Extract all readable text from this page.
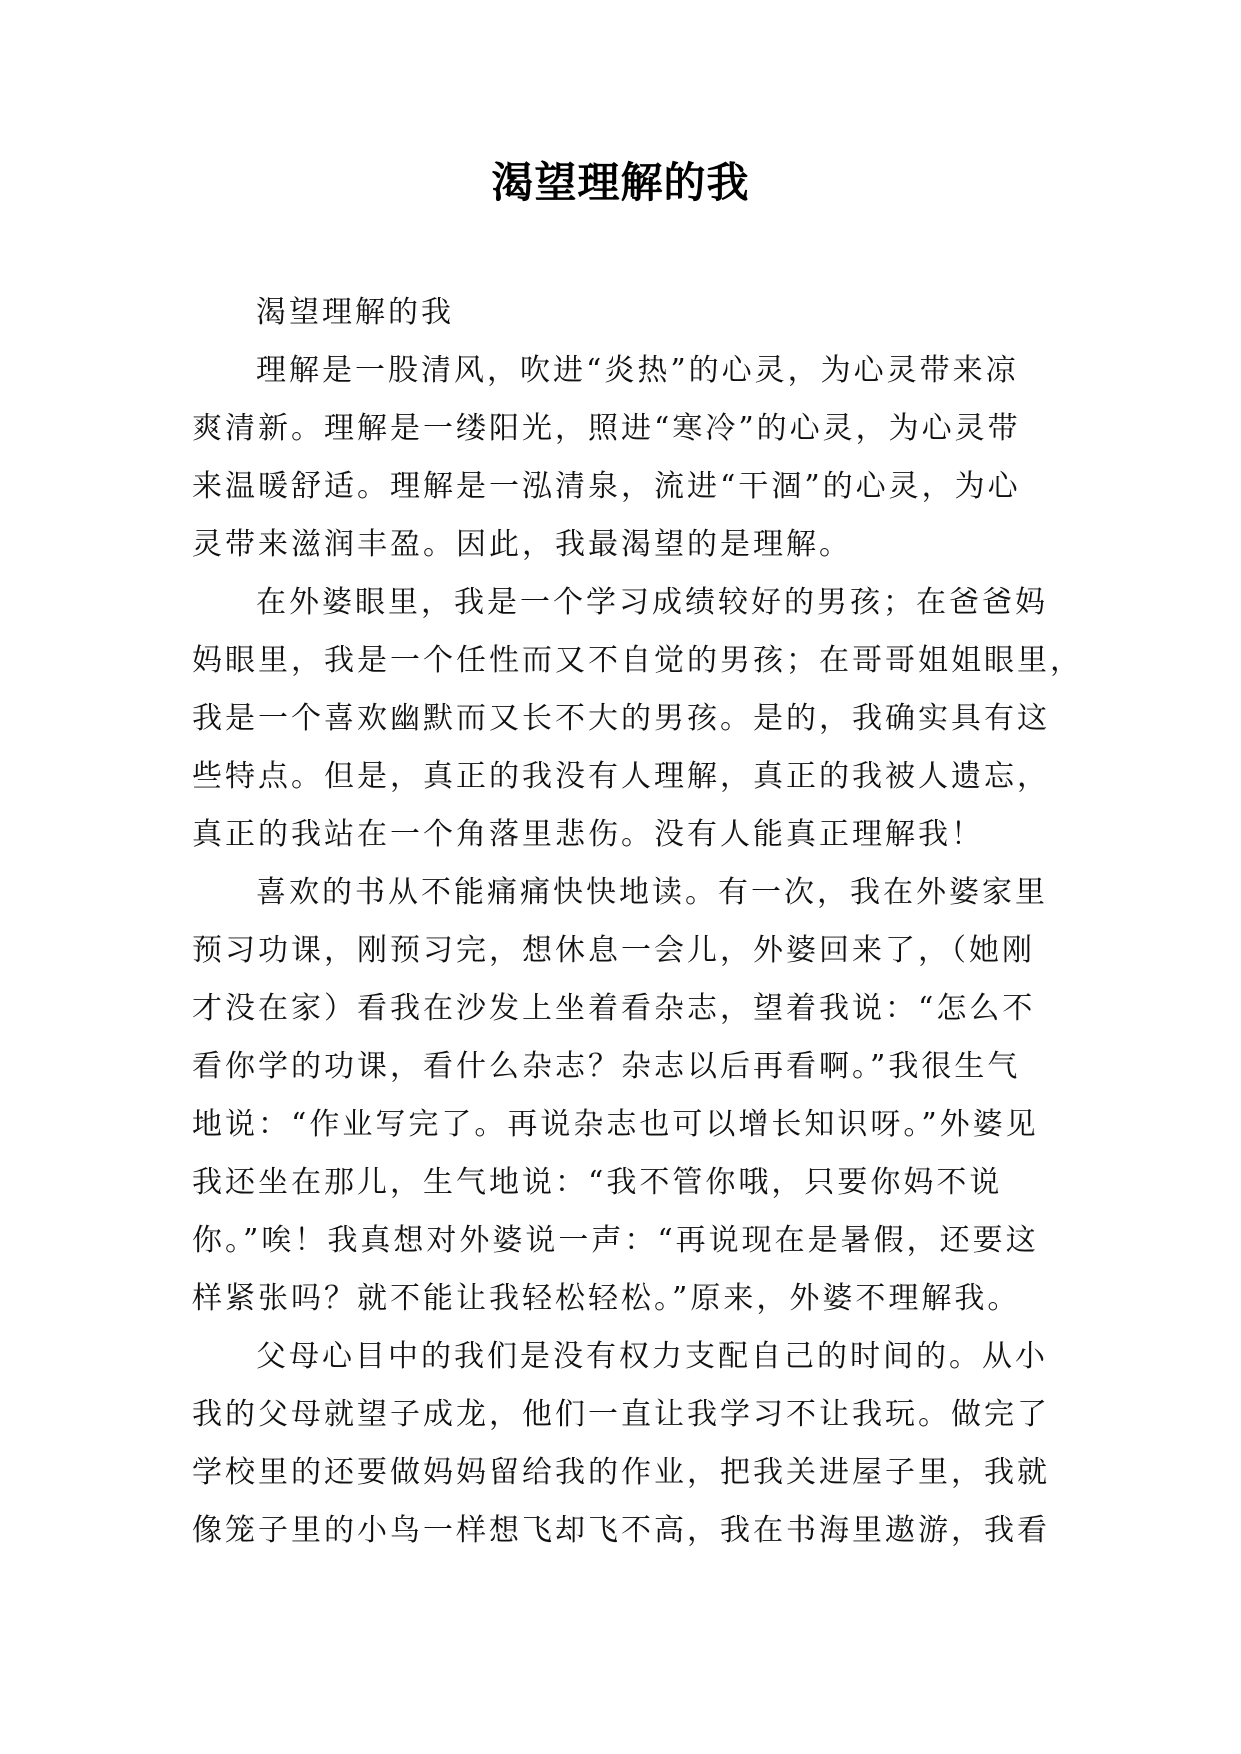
渴望理解的我
渴望理解的我
理解是一股清风，吹进“炎热”的心灵，为心灵带来凉
爽清新。理解是一缕阳光，照进“寒冷”的心灵，为心灵带
来温暖舒适。理解是一泓清泉，流进“干涸”的心灵，为心
灵带来滋润丰盈。因此，我最渴望的是理解。
在外婆眼里，我是一个学习成绩较好的男孩；在爸爸妈
妈眼里，我是一个任性而又不自觉的男孩；在哥哥姐姐眼里，
我是一个喜欢幽默而又长不大的男孩。是的，我确实具有这
些特点。但是，真正的我没有人理解，真正的我被人遗忘，
真正的我站在一个角落里悲伤。没有人能真正理解我！
喜欢的书从不能痛痛快快地读。有一次，我在外婆家里
预习功课，刚预习完，想休息一会儿，外婆回来了，（她刚
才没在家）看我在沙发上坐着看杂志，望着我说：“怎么不
看你学的功课，看什么杂志？杂志以后再看啊。”我很生气
地说：“作业写完了。再说杂志也可以增长知识呀。”外婆见
我还坐在那儿，生气地说：“我不管你哦，只要你妈不说
你。”唉！我真想对外婆说一声：“再说现在是暑假，还要这
样紧张吗？就不能让我轻松轻松。”原来，外婆不理解我。
父母心目中的我们是没有权力支配自己的时间的。从小
我的父母就望子成龙，他们一直让我学习不让我玩。做完了
学校里的还要做妈妈留给我的作业，把我关进屋子里，我就
像笼子里的小鸟一样想飞却飞不高，我在书海里遨游，我看
